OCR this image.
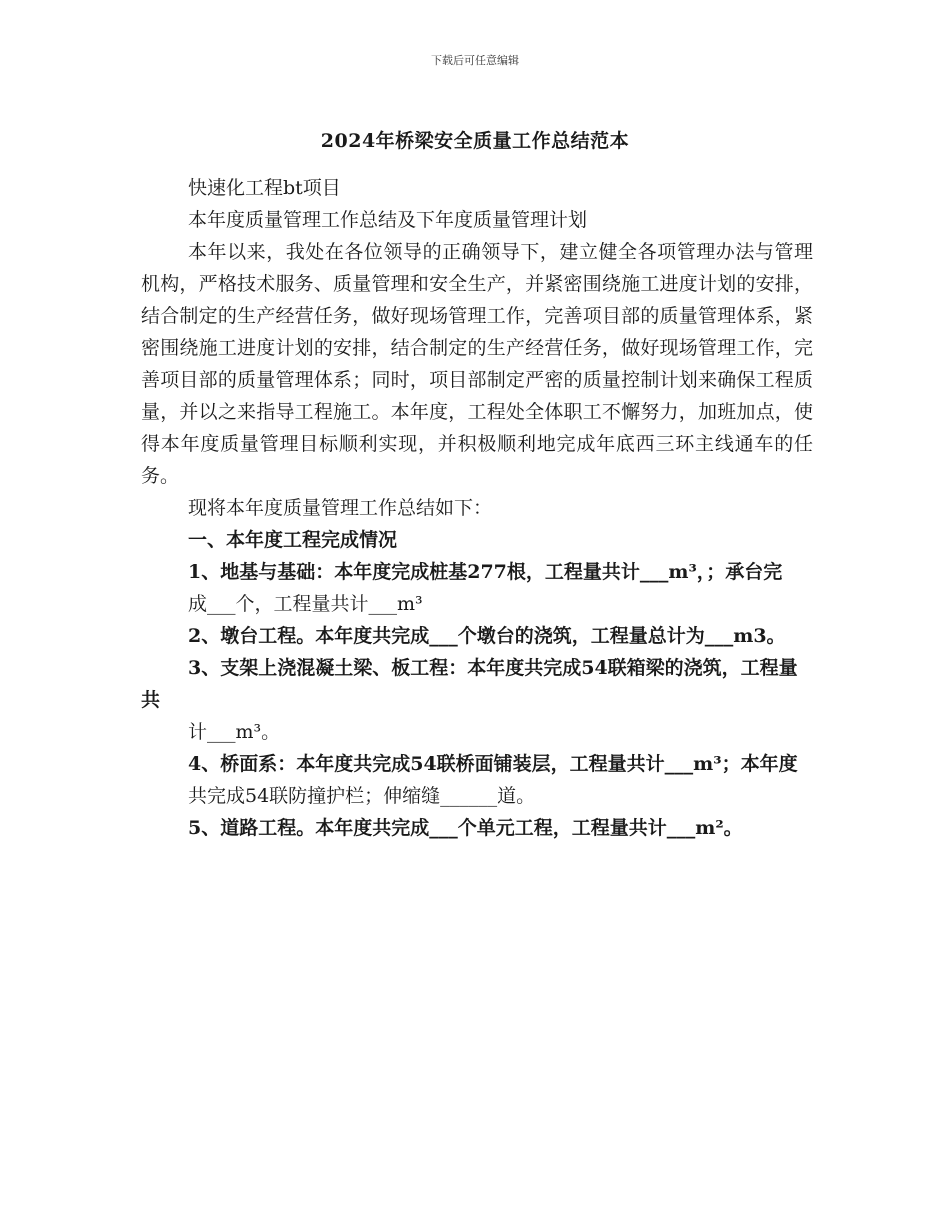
下载后可任意编辑
2024年桥梁安全质量工作总结范本

快速化工程bt项目

本年度质量管理工作总结及下年度质量管理计划

本年以来，我处在各位领导的正确领导下，建立健全各项管理办法与管理机构，严格技术服务、质量管理和安全生产，并紧密围绕施工进度计划的安排，结合制定的生产经营任务，做好现场管理工作，完善项目部的质量管理体系，紧密围绕施工进度计划的安排，结合制定的生产经营任务，做好现场管理工作，完善项目部的质量管理体系；同时，项目部制定严密的质量控制计划来确保工程质量，并以之来指导工程施工。本年度，工程处全体职工不懈努力，加班加点，使得本年度质量管理目标顺利实现，并积极顺利地完成年底西三环主线通车的任务。

现将本年度质量管理工作总结如下：

一、本年度工程完成情况

1、地基与基础：本年度完成桩基277根，工程量共计___m³，；承台完

成___个，工程量共计___m³

2、墩台工程。本年度共完成___个墩台的浇筑，工程量总计为___m3。

3、支架上浇混凝土梁、板工程：本年度共完成54联箱梁的浇筑，工程量共

计___m³。

4、桥面系：本年度共完成54联桥面铺装层，工程量共计___m³；本年度

共完成54联防撞护栏；伸缩缝______道。

5、道路工程。本年度共完成___个单元工程，工程量共计___m²。
